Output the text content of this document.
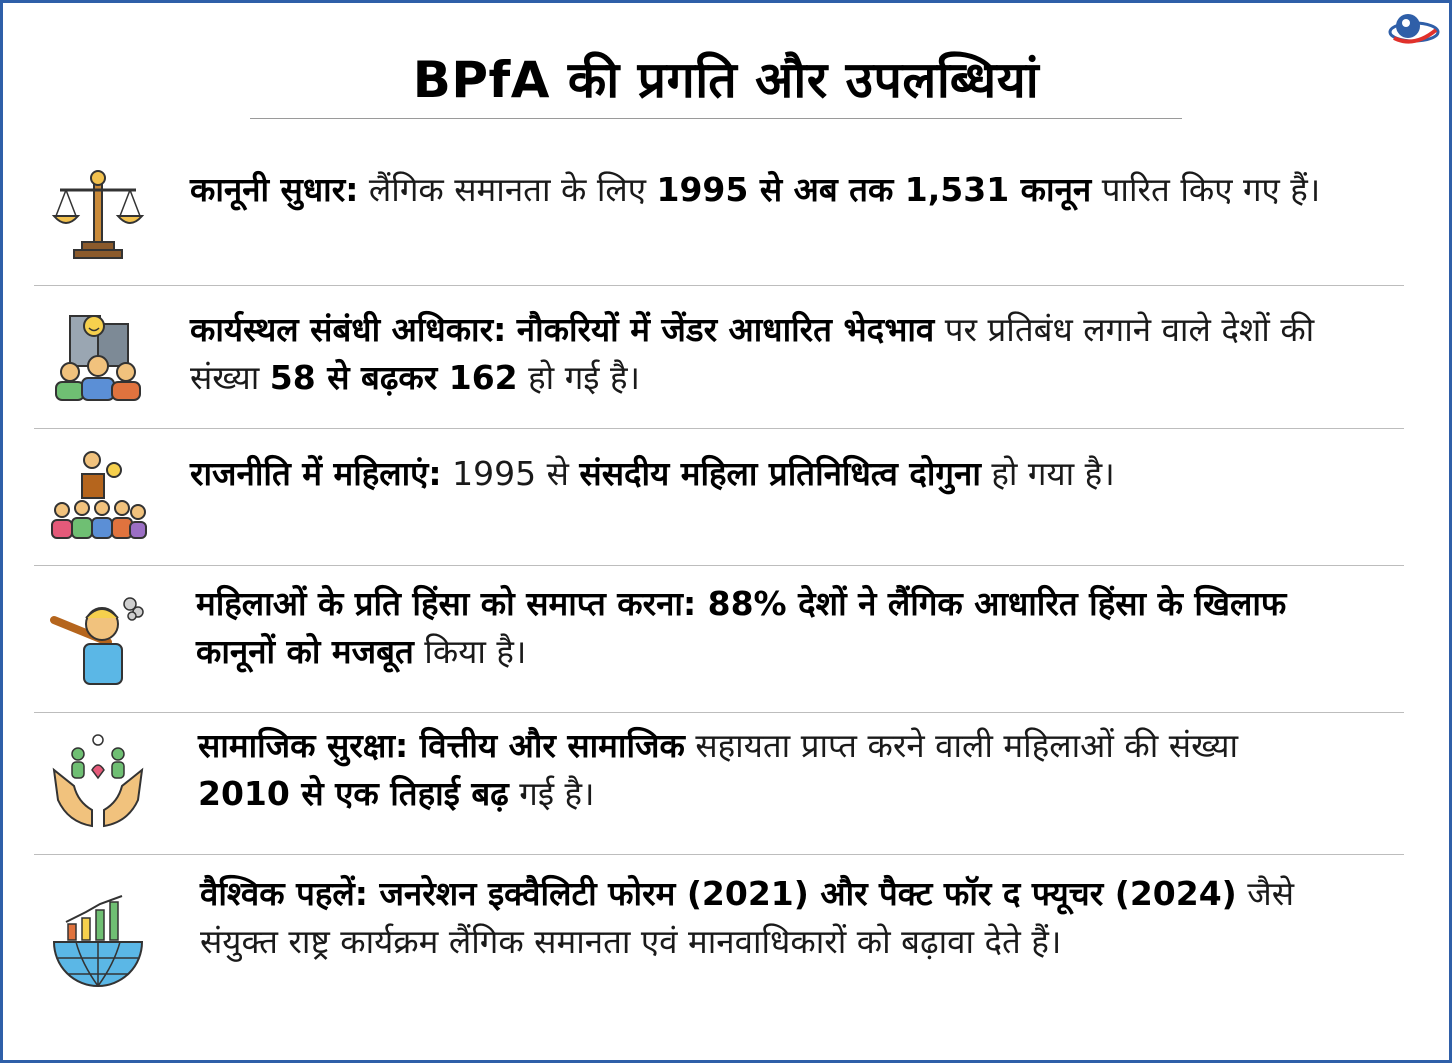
BPfA की प्रगति और उपलब्धियां
कानूनी सुधार: लैंगिक समानता के लिए 1995 से अब तक 1,531 कानून पारित किए गए हैं।
कार्यस्थल संबंधी अधिकार: नौकरियों में जेंडर आधारित भेदभाव पर प्रतिबंध लगाने वाले देशों की संख्या 58 से बढ़कर 162 हो गई है।
राजनीति में महिलाएं: 1995 से संसदीय महिला प्रतिनिधित्व दोगुना हो गया है।
महिलाओं के प्रति हिंसा को समाप्त करना: 88% देशों ने लैंगिक आधारित हिंसा के खिलाफ कानूनों को मजबूत किया है।
सामाजिक सुरक्षा: वित्तीय और सामाजिक सहायता प्राप्त करने वाली महिलाओं की संख्या 2010 से एक तिहाई बढ़ गई है।
वैश्विक पहलें: जनरेशन इक्वैलिटी फोरम (2021) और पैक्ट फॉर द फ्यूचर (2024) जैसे संयुक्त राष्ट्र कार्यक्रम लैंगिक समानता एवं मानवाधिकारों को बढ़ावा देते हैं।
